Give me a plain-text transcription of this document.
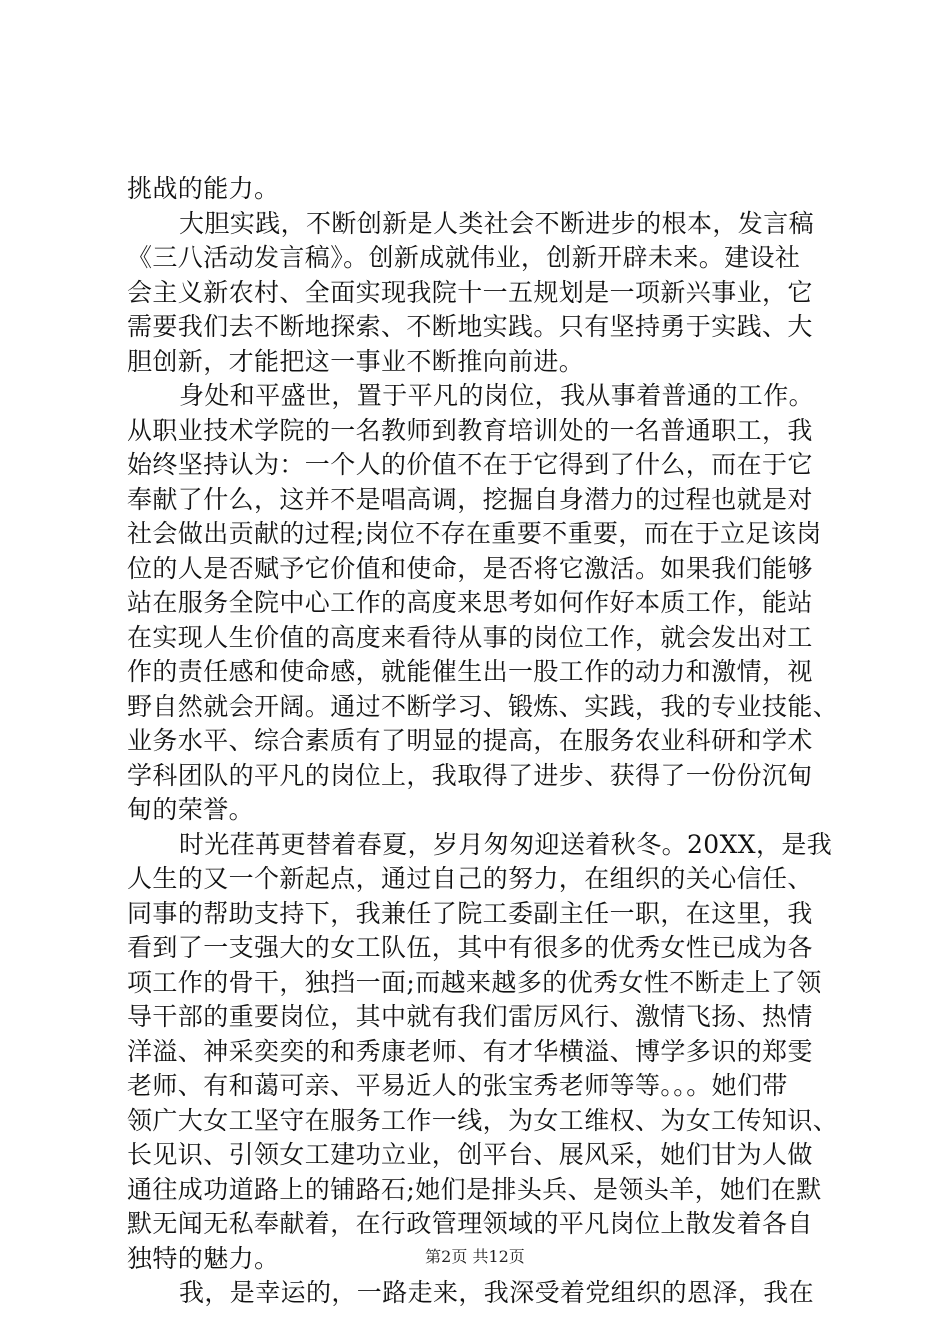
挑战的能力。
大胆实践，不断创新是人类社会不断进步的根本，发言稿
《三八活动发言稿》。创新成就伟业，创新开辟未来。建设社
会主义新农村、全面实现我院十一五规划是一项新兴事业，它
需要我们去不断地探索、不断地实践。只有坚持勇于实践、大
胆创新，才能把这一事业不断推向前进。
身处和平盛世，置于平凡的岗位，我从事着普通的工作。
从职业技术学院的一名教师到教育培训处的一名普通职工，我
始终坚持认为：一个人的价值不在于它得到了什么，而在于它
奉献了什么，这并不是唱高调，挖掘自身潜力的过程也就是对
社会做出贡献的过程;岗位不存在重要不重要，而在于立足该岗
位的人是否赋予它价值和使命，是否将它激活。如果我们能够
站在服务全院中心工作的高度来思考如何作好本质工作，能站
在实现人生价值的高度来看待从事的岗位工作，就会发出对工
作的责任感和使命感，就能催生出一股工作的动力和激情，视
野自然就会开阔。通过不断学习、锻炼、实践，我的专业技能、
业务水平、综合素质有了明显的提高，在服务农业科研和学术
学科团队的平凡的岗位上，我取得了进步、获得了一份份沉甸
甸的荣誉。
时光荏苒更替着春夏，岁月匆匆迎送着秋冬。20XX，是我
人生的又一个新起点，通过自己的努力，在组织的关心信任、
同事的帮助支持下，我兼任了院工委副主任一职，在这里，我
看到了一支强大的女工队伍，其中有很多的优秀女性已成为各
项工作的骨干，独挡一面;而越来越多的优秀女性不断走上了领
导干部的重要岗位，其中就有我们雷厉风行、激情飞扬、热情
洋溢、神采奕奕的和秀康老师、有才华横溢、博学多识的郑雯
老师、有和蔼可亲、平易近人的张宝秀老师等等。。。她们带
领广大女工坚守在服务工作一线，为女工维权、为女工传知识、
长见识、引领女工建功立业，创平台、展风采，她们甘为人做
通往成功道路上的铺路石;她们是排头兵、是领头羊，她们在默
默无闻无私奉献着，在行政管理领域的平凡岗位上散发着各自
独特的魅力。
我，是幸运的，一路走来，我深受着党组织的恩泽，我在
第2页 共12页
